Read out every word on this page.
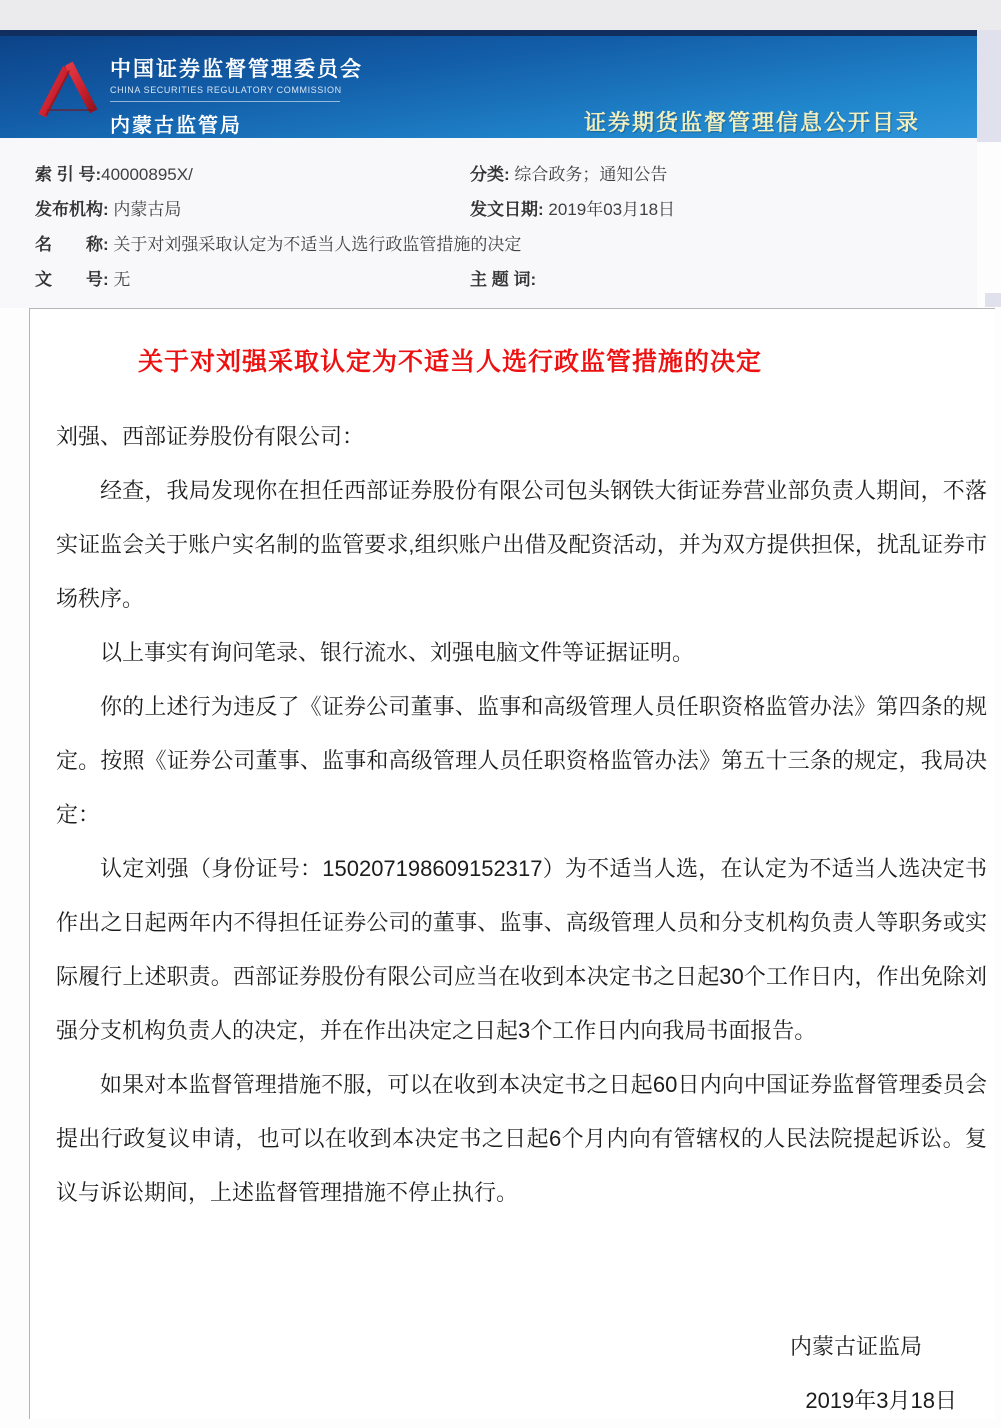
中国证券监督管理委员会
CHINA SECURITIES REGULATORY COMMISSION
内蒙古监管局	证券期货监督管理信息公开目录
索 引 号:40000895X/	分类: 综合政务；通知公告
发布机构: 内蒙古局	发文日期: 2019年03月18日
名　　称: 关于对刘强采取认定为不适当人选行政监管措施的决定
文　　号: 无	主 题 词:
关于对刘强采取认定为不适当人选行政监管措施的决定

刘强、西部证券股份有限公司：

经查，我局发现你在担任西部证券股份有限公司包头钢铁大街证券营业部负责人期间，不落实证监会关于账户实名制的监管要求,组织账户出借及配资活动，并为双方提供担保，扰乱证券市场秩序。

以上事实有询问笔录、银行流水、刘强电脑文件等证据证明。

你的上述行为违反了《证券公司董事、监事和高级管理人员任职资格监管办法》第四条的规定。按照《证券公司董事、监事和高级管理人员任职资格监管办法》第五十三条的规定，我局决定：

认定刘强（身份证号：150207198609152317）为不适当人选，在认定为不适当人选决定书作出之日起两年内不得担任证券公司的董事、监事、高级管理人员和分支机构负责人等职务或实际履行上述职责。西部证券股份有限公司应当在收到本决定书之日起30个工作日内，作出免除刘强分支机构负责人的决定，并在作出决定之日起3个工作日内向我局书面报告。

如果对本监督管理措施不服，可以在收到本决定书之日起60日内向中国证券监督管理委员会提出行政复议申请，也可以在收到本决定书之日起6个月内向有管辖权的人民法院提起诉讼。复议与诉讼期间，上述监督管理措施不停止执行。

内蒙古证监局
2019年3月18日
